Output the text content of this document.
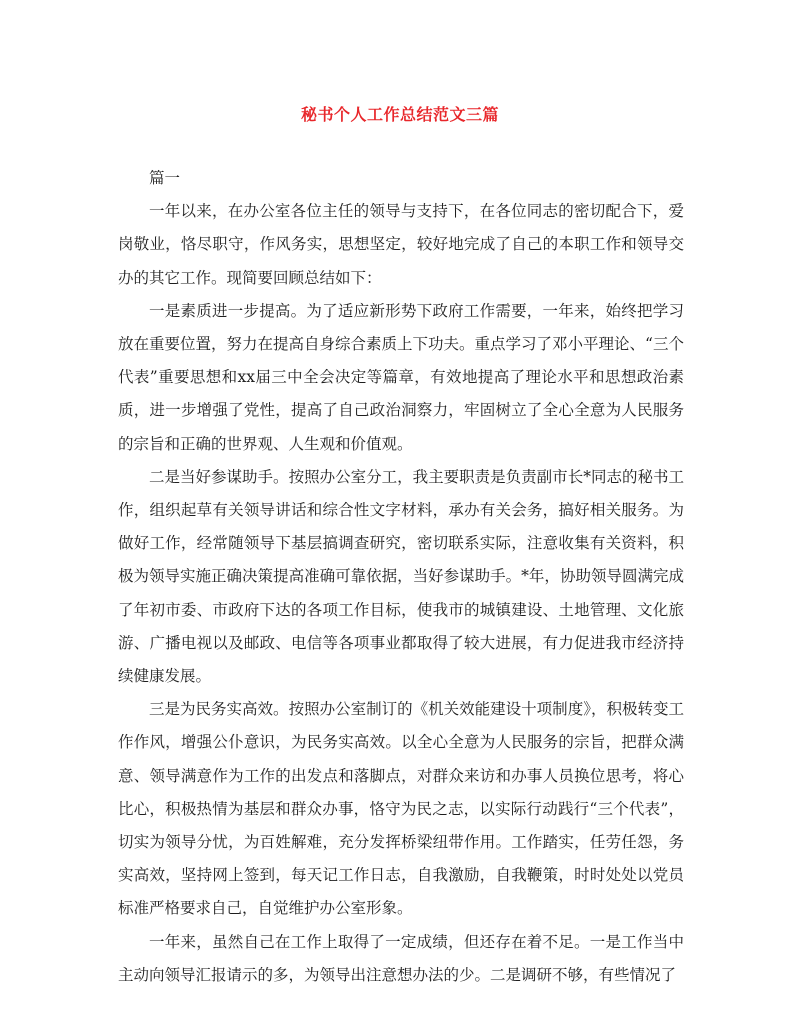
秘书个人工作总结范文三篇

篇一

一年以来，在办公室各位主任的领导与支持下，在各位同志的密切配合下，爱岗敬业，恪尽职守，作风务实，思想坚定，较好地完成了自己的本职工作和领导交办的其它工作。现简要回顾总结如下：

一是素质进一步提高。为了适应新形势下政府工作需要，一年来，始终把学习放在重要位置，努力在提高自身综合素质上下功夫。重点学习了邓小平理论、“三个代表”重要思想和xx届三中全会决定等篇章，有效地提高了理论水平和思想政治素质，进一步增强了党性，提高了自己政治洞察力，牢固树立了全心全意为人民服务的宗旨和正确的世界观、人生观和价值观。

二是当好参谋助手。按照办公室分工，我主要职责是负责副市长*同志的秘书工作，组织起草有关领导讲话和综合性文字材料，承办有关会务，搞好相关服务。为做好工作，经常随领导下基层搞调查研究，密切联系实际，注意收集有关资料，积极为领导实施正确决策提高准确可靠依据，当好参谋助手。*年，协助领导圆满完成了年初市委、市政府下达的各项工作目标，使我市的城镇建设、土地管理、文化旅游、广播电视以及邮政、电信等各项事业都取得了较大进展，有力促进我市经济持续健康发展。

三是为民务实高效。按照办公室制订的《机关效能建设十项制度》，积极转变工作作风，增强公仆意识，为民务实高效。以全心全意为人民服务的宗旨，把群众满意、领导满意作为工作的出发点和落脚点，对群众来访和办事人员换位思考，将心比心，积极热情为基层和群众办事，恪守为民之志，以实际行动践行“三个代表”，切实为领导分忧，为百姓解难，充分发挥桥梁纽带作用。工作踏实，任劳任怨，务实高效，坚持网上签到，每天记工作日志，自我激励，自我鞭策，时时处处以党员标准严格要求自己，自觉维护办公室形象。

一年来，虽然自己在工作上取得了一定成绩，但还存在着不足。一是工作当中主动向领导汇报请示的多，为领导出注意想办法的少。二是调研不够，有些情况了
